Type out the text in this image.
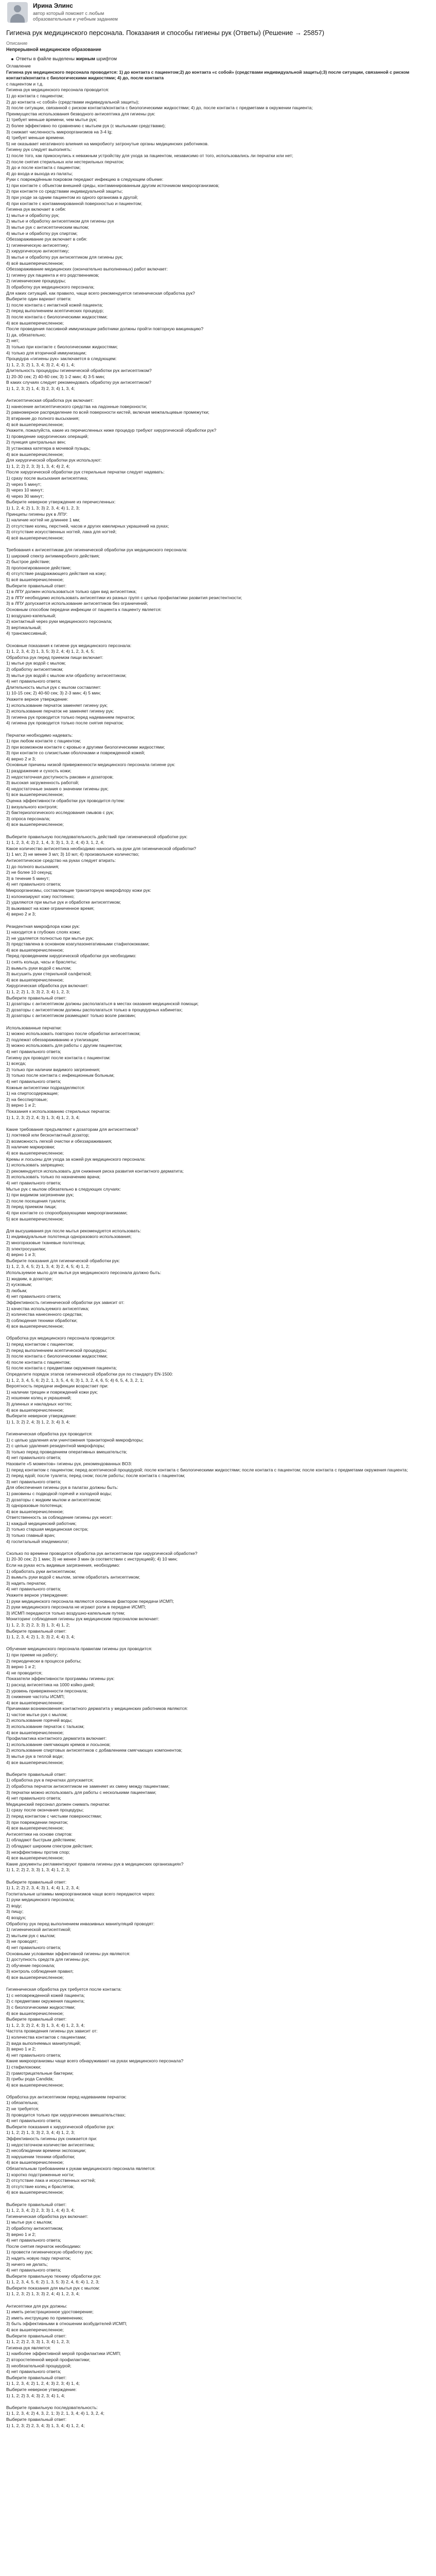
Ирина Элинс
автор который поможет с любым образовательным и учебным заданием
Гигиена рук медицинского персонала. Показания и способы гигиены рук (Ответы) (Решение → 25857)
Описание
Непрерывной медицинское образование
Ответы в файле выделены жирным шрифтом

Оглавление

Гигиена рук медицинского персонала проводится: 1) до контакта с пациентом;2) до контакта «с собой» (средствами индивидуальной защиты);3) после ситуации, связанной с риском контакта/контакта с биологическими жидкостями; 4) до, после контакта

с пациентом и т.д.

Гигиена рук медицинского персонала проводится:

1) до контакта с пациентом;

2) до контакта «с собой» (средствами индивидуальной защиты);

3) после ситуации, связанной с риском контакта/контакта с биологическими жидкостями; 4) до, после контакта с предметами в окружении пациента;

Преимущества использования безводного антисептика для гигиены рук:

1) требует меньше времени, чем мытье рук;

2) более эффективно по сравнению с мытьем рук (с мыльными средствами);

3) снижает численность микроорганизмов на 3-4 lg;

4) требует меньше времени.

5) не оказывает негативного влияния на микробиоту затронутые органы медицинских работников.

Гигиену рук следует выполнять:

1) после того, как прикоснулись к неважным устройству для ухода за пациентом, независимо от того, использовались ли перчатки или нет;

2) после снятия стерильных или нестерильных перчаток;

3) до и после контакта с пациентом;

4) до входа и выхода из палаты;

Руки с повреждённым покровом передают инфекцию в следующем объеме:

1) при контакте с объектом внешней среды, контаминированным другим источником микроорганизмов;

2) при контакте со средствами индивидуальной защиты;

3) при уходе за одним пациентом из одного организма в другой;

4) при контакте с контаминированной поверхностью и пациентом;

Гигиена рук включает в себя:

1) мытье и обработку рук;

2) мытье и обработку антисептиком для гигиены рук

3) мытье рук с антисептическим мылом;

4) мытье и обработку рук спиртом;

Обеззараживание рук включает в себя:

1) гигиеническую антисептику;

2) хирургическую антисептику;

3) мытье и обработку рук антисептиком для гигиены рук;

4) всё вышеперечисленное;

Обеззараживание медицинских (окончательно выполненных) работ включает:

1) гигиену рук пациента и его родственников;

2) гигиенические процедуры;

3) обработку рук медицинского персонала;

Для каких ситуаций, как правило, чаще всего рекомендуется гигиеническая обработка рук?

Выберите один вариант ответа:

1) после контакта с интактной кожей пациента;

2) перед выполнением асептических процедур;

3) после контакта с биологическими жидкостями;

4) все вышеперечисленное;

После проведения пассивной иммунизации работники должны пройти повторную вакцинацию?

1) да, обязательно;

2) нет;

3) только при контакте с биологическими жидкостями;

4) только для вторичной иммунизации;

Процедура «гигиены рук» заключается в следующем:

1) 1, 2, 3; 2) 1, 3, 4; 3) 2, 4; 4) 1, 4;

Длительность процедуры гигиенической обработки рук антисептиком?

1) 20-30 сек; 2) 40-60 сек; 3) 1-2 мин; 4) 3-5 мин;

В каких случаях следует рекомендовать обработку рук антисептиком?

1) 1, 2, 3; 2) 1, 4; 3) 2, 3; 4) 1, 3, 4;

Антисептическая обработка рук включает:

1) нанесение антисептического средства на ладонные поверхности;

2) равномерное распределение по всей поверхности кистей, включая межпальцевые промежутки;

3) втирание до полного высыхания;

4) всё вышеперечисленное;

Укажите, пожалуйста, какие из перечисленных ниже процедур требуют хирургической обработки рук?

1) проведение хирургических операций;

2) пункция центральных вен;

3) установка катетера в мочевой пузырь;

4) все вышеперечисленное;

Для хирургической обработки рук используют:

1) 1, 2; 2) 2, 3; 3) 1, 3, 4; 4) 2, 4;

После хирургической обработки рук стерильные перчатки следует надевать:

1) сразу после высыхания антисептика;

2) через 5 минут;

3) через 10 минут;

4) через 30 минут;

Выберите неверное утверждение из перечисленных:

1) 1, 2, 4; 2) 1, 3; 3) 2, 3, 4; 4) 1, 2, 3;

Принципы гигиены рук в ЛПУ:

1) наличие ногтей не длиннее 1 мм;

2) отсутствие колец, перстней, часов и других ювелирных украшений на руках;

3) отсутствие искусственных ногтей, лака для ногтей;

4) всё вышеперечисленное;

Требования к антисептикам для гигиенической обработки рук медицинского персонала:

1) широкий спектр антимикробного действия;

2) быстрое действие;

3) пролонгированное действие;

4) отсутствие раздражающего действия на кожу;

5) всё вышеперечисленное;

Выберите правильный ответ:

1) в ЛПУ должен использоваться только один вид антисептика;

2) в ЛПУ необходимо использовать антисептики из разных групп с целью профилактики развития резистентности;

3) в ЛПУ допускается использование антисептиков без ограничений;

Основным способом передачи инфекции от пациента к пациенту является:

1) воздушно-капельный;

2) контактный через руки медицинского персонала;

3) вертикальный;

4) трансмиссивный;

Основные показания к гигиене рук медицинского персонала:

1) 1, 2, 3, 4; 2) 1, 3, 5; 3) 2, 4; 4) 1, 2, 3, 4, 5;

Обработка рук перед приемом пищи включает:

1) мытье рук водой с мылом;

2) обработку антисептиком;

3) мытье рук водой с мылом или обработку антисептиком;

4) нет правильного ответа;

Длительность мытья рук с мылом составляет:

1) 10-15 сек; 2) 40-60 сек; 3) 2-3 мин; 4) 5 мин;

Укажите верное утверждение:

1) использование перчаток заменяет гигиену рук;

2) использование перчаток не заменяет гигиену рук;

3) гигиена рук проводится только перед надеванием перчаток;

4) гигиена рук проводится только после снятия перчаток;

Перчатки необходимо надевать:

1) при любом контакте с пациентом;

2) при возможном контакте с кровью и другими биологическими жидкостями;

3) при контакте со слизистыми оболочками и поврежденной кожей;

4) верно 2 и 3;

Основные причины низкой приверженности медицинского персонала гигиене рук:

1) раздражение и сухость кожи;

2) недостаточная доступность раковин и дозаторов;

3) высокая загруженность работой;

4) недостаточные знания о значении гигиены рук;

5) все вышеперечисленное;

Оценка эффективности обработки рук проводится путем:

1) визуального контроля;

2) бактериологического исследования смывов с рук;

3) опроса персонала;

4) все вышеперечисленное;

Выберите правильную последовательность действий при гигиенической обработке рук:

1) 1, 2, 3, 4; 2) 2, 1, 4, 3; 3) 1, 3, 2, 4; 4) 3, 1, 2, 4;

Какое количество антисептика необходимо наносить на руки для гигиенической обработки?

1) 1 мл; 2) не менее 3 мл; 3) 10 мл; 4) произвольное количество;

Антисептическое средство на руках следует втирать:

1) до полного высыхания;

2) не более 10 секунд;

3) в течение 5 минут;

4) нет правильного ответа;

Микроорганизмы, составляющие транзиторную микрофлору кожи рук:

1) колонизируют кожу постоянно;

2) удаляются при мытье рук и обработке антисептиком;

3) выживают на коже ограниченное время;

4) верно 2 и 3;

Резидентная микрофлора кожи рук:

1) находится в глубоких слоях кожи;

2) не удаляется полностью при мытье рук;

3) представлена в основном коагулазонегативными стафилококками;

4) все вышеперечисленное;

Перед проведением хирургической обработки рук необходимо:

1) снять кольца, часы и браслеты;

2) вымыть руки водой с мылом;

3) высушить руки стерильной салфеткой;

4) все вышеперечисленное;

Хирургическая обработка рук включает:

1) 1, 2; 2) 1, 3; 3) 2, 3; 4) 1, 2, 3;

Выберите правильный ответ:

1) дозаторы с антисептиком должны располагаться в местах оказания медицинской помощи;

2) дозаторы с антисептиком должны располагаться только в процедурных кабинетах;

3) дозаторы с антисептиком размещают только возле раковин;

Использованные перчатки:

1) можно использовать повторно после обработки антисептиком;

2) подлежат обеззараживанию и утилизации;

3) можно использовать для работы с другим пациентом;

4) нет правильного ответа;

Гигиену рук проводят после контакта с пациентом:

1) всегда;

2) только при наличии видимого загрязнения;

3) только после контакта с инфекционным больным;

4) нет правильного ответа;

Кожные антисептики подразделяются:

1) на спиртосодержащие;

2) на бесспиртовые;

3) верно 1 и 2;

Показания к использованию стерильных перчаток:

1) 1, 2, 3; 2) 2, 4; 3) 1, 3; 4) 1, 2, 3, 4;

Какие требования предъявляют к дозаторам для антисептиков?

1) локтевой или бесконтактный дозатор;

2) возможность легкой очистки и обеззараживания;

3) наличие маркировки;

4) все вышеперечисленное;

Кремы и лосьоны для ухода за кожей рук медицинского персонала:

1) использовать запрещено;

2) рекомендуется использовать для снижения риска развития контактного дерматита;

3) использовать только по назначению врача;

4) нет правильного ответа;

Мытье рук с мылом обязательно в следующих случаях:

1) при видимом загрязнении рук;

2) после посещения туалета;

3) перед приемом пищи;

4) при контакте со спорообразующими микроорганизмами;

5) все вышеперечисленное;

Для высушивания рук после мытья рекомендуется использовать:

1) индивидуальные полотенца одноразового использования;

2) многоразовые тканевые полотенца;

3) электросушилки;

4) верно 1 и 3;

Выберите показания для гигиенической обработки рук:

1) 1, 2, 3, 4, 5; 2) 1, 3, 4; 3) 2, 4, 5; 4) 1, 2;

Используемое мыло для мытья рук медицинского персонала должно быть:

1) жидким, в дозаторе;

2) кусковым;

3) любым;

4) нет правильного ответа;

Эффективность гигиенической обработки рук зависит от:

1) качества используемого антисептика;

2) количества нанесенного средства;

3) соблюдения техники обработки;

4) все вышеперечисленное;

Обработка рук медицинского персонала проводится:

1) перед контактом с пациентом;

2) перед выполнением асептической процедуры;

3) после контакта с биологическими жидкостями;

4) после контакта с пациентом;

5) после контакта с предметами окружения пациента;

Определите порядок этапов гигиенической обработки рук по стандарту EN-1500:

1) 1, 2, 3, 4, 5, 6; 2) 2, 1, 3, 5, 4, 6; 3) 1, 3, 2, 4, 6, 5; 4) 6, 5, 4, 3, 2, 1;

Вероятность передачи инфекции возрастает при:

1) наличии трещин и повреждений кожи рук;

2) ношении колец и украшений;

3) длинных и накладных ногтях;

4) все вышеперечисленное;

Выберите неверное утверждение:

1) 1, 3; 2) 2, 4; 3) 1, 2, 3; 4) 3, 4;

Гигиеническая обработка рук проводится:

1) с целью удаления или уничтожения транзиторной микрофлоры;

2) с целью удаления резидентной микрофлоры;

3) только перед проведением оперативных вмешательств;

4) нет правильного ответа;

Назовите «5 моментов» гигиены рук, рекомендованных ВОЗ:

1) перед контактом с пациентом; перед асептической процедурой; после контакта с биологическими жидкостями; после контакта с пациентом; после контакта с предметами окружения пациента;

2) перед едой; после туалета; перед сном; после работы; после контакта с пациентом;

3) нет правильного ответа;

Для обеспечения гигиены рук в палатах должны быть:

1) раковины с подводкой горячей и холодной воды;

2) дозаторы с жидким мылом и антисептиком;

3) одноразовые полотенца;

4) все вышеперечисленное;

Ответственность за соблюдение гигиены рук несет:

1) каждый медицинский работник;

2) только старшая медицинская сестра;

3) только главный врач;

4) госпитальный эпидемиолог;

Сколько по времени проводится обработка рук антисептиком при хирургической обработке?

1) 20-30 сек; 2) 1 мин; 3) не менее 3 мин (в соответствии с инструкцией); 4) 10 мин;

Если на руках есть видимые загрязнения, необходимо:

1) обработать руки антисептиком;

2) вымыть руки водой с мылом, затем обработать антисептиком;

3) надеть перчатки;

4) нет правильного ответа;

Укажите верное утверждение:

1) руки медицинского персонала являются основным фактором передачи ИСМП;

2) руки медицинского персонала не играют роли в передаче ИСМП;

3) ИСМП передаются только воздушно-капельным путем;

Мониторинг соблюдения гигиены рук медицинским персоналом включает:

1) 1, 2, 3; 2) 2, 3; 3) 1, 3; 4) 1, 2;

Выберите правильный ответ:

1) 1, 2, 3, 4; 2) 1, 3; 3) 2, 4; 4) 3, 4;

Обучение медицинского персонала правилам гигиены рук проводится:

1) при приеме на работу;

2) периодически в процессе работы;

3) верно 1 и 2;

4) не проводится;

Показатели эффективности программы гигиены рук:

1) расход антисептика на 1000 койко-дней;

2) уровень приверженности персонала;

3) снижение частоты ИСМП;

4) все вышеперечисленное;

Причинами возникновения контактного дерматита у медицинских работников являются:

1) частое мытье рук с мылом;

2) использование горячей воды;

3) использование перчаток с тальком;

4) все вышеперечисленное;

Профилактика контактного дерматита включает:

1) использование смягчающих кремов и лосьонов;

2) использование спиртовых антисептиков с добавлением смягчающих компонентов;

3) мытье рук в теплой воде;

4) все вышеперечисленное;

Выберите правильный ответ:

1) обработка рук в перчатках допускается;

2) обработка перчаток антисептиком не заменяет их смену между пациентами;

3) перчатки можно использовать для работы с несколькими пациентами;

4) нет правильного ответа;

Медицинский персонал должен снимать перчатки:

1) сразу после окончания процедуры;

2) перед контактом с чистыми поверхностями;

3) при повреждении перчаток;

4) все вышеперечисленное;

Антисептики на основе спиртов:

1) обладают быстрым действием;

2) обладают широким спектром действия;

3) неэффективны против спор;

4) все вышеперечисленное;

Какие документы регламентируют правила гигиены рук в медицинских организациях?

1) 1, 2; 2) 2, 3; 3) 1, 3; 4) 1, 2, 3;

Выберите правильный ответ:

1) 1, 2; 2) 2, 3, 4; 3) 1, 4; 4) 1, 2, 3, 4;

Госпитальные штаммы микроорганизмов чаще всего передаются через:

1) руки медицинского персонала;

2) воду;

3) пищу;

4) воздух;

Обработку рук перед выполнением инвазивных манипуляций проводят:

1) гигиенической антисептикой;

2) мытьем рук с мылом;

3) не проводят;

4) нет правильного ответа;

Основными условиями эффективной гигиены рук являются:

1) доступность средств для гигиены рук;

2) обучение персонала;

3) контроль соблюдения правил;

4) все вышеперечисленное;

Гигиеническая обработка рук требуется после контакта:

1) с неповрежденной кожей пациента;

2) с предметами окружения пациента;

3) с биологическими жидкостями;

4) все вышеперечисленное;

Выберите правильный ответ:

1) 1, 2, 3; 2) 2, 4; 3) 1, 3, 4; 4) 1, 2, 3, 4;

Частота проведения гигиены рук зависит от:

1) количества контактов с пациентами;

2) вида выполняемых манипуляций;

3) верно 1 и 2;

4) нет правильного ответа;

Какие микроорганизмы чаще всего обнаруживают на руках медицинского персонала?

1) стафилококки;

2) грамотрицательные бактерии;

3) грибы рода Candida;

4) все вышеперечисленное;

Обработка рук антисептиком перед надеванием перчаток:

1) обязательна;

2) не требуется;

3) проводится только при хирургических вмешательствах;

4) нет правильного ответа;

Выберите показания к хирургической обработке рук:

1) 1, 2; 2) 1, 3; 3) 2, 3, 4; 4) 1, 2, 3;

Эффективность гигиены рук снижается при:

1) недостаточном количестве антисептика;

2) несоблюдении времени экспозиции;

3) нарушении техники обработки;

4) все вышеперечисленное;

Обязательным требованием к рукам медицинского персонала является:

1) коротко подстриженные ногти;

2) отсутствие лака и искусственных ногтей;

3) отсутствие колец и браслетов;

4) все вышеперечисленное;

Выберите правильный ответ:

1) 1, 2, 3, 4; 2) 2, 3; 3) 1, 4; 4) 3, 4;

Гигиеническая обработка рук включает:

1) мытье рук с мылом;

2) обработку антисептиком;

3) верно 1 и 2;

4) нет правильного ответа;

После снятия перчаток необходимо:

1) провести гигиеническую обработку рук;

2) надеть новую пару перчаток;

3) ничего не делать;

4) нет правильного ответа;

Выберите правильную технику обработки рук:

1) 1, 2, 3, 4, 5, 6; 2) 1, 3, 5; 3) 2, 4, 6; 4) 1, 2, 3;

Выберите показания для мытья рук с мылом:

1) 1, 2, 3; 2) 1, 3; 3) 2, 4; 4) 1, 2, 3, 4;

Антисептики для рук должны:

1) иметь регистрационное удостоверение;

2) иметь инструкцию по применению;

3) быть эффективными в отношении возбудителей ИСМП;

4) все вышеперечисленное;

Выберите правильный ответ:

1) 1, 2; 2) 2, 3; 3) 1, 3; 4) 1, 2, 3;

Гигиена рук является:

1) наиболее эффективной мерой профилактики ИСМП;

2) второстепенной мерой профилактики;

3) необязательной процедурой;

4) нет правильного ответа;

Выберите правильный ответ:

1) 1, 2, 3, 4; 2) 1, 2, 4; 3) 2, 3; 4) 1, 4;

Выберите неверное утверждение:

1) 1, 2; 2) 3, 4; 3) 2, 3; 4) 1, 4;

Выберите правильную последовательность:

1) 1, 2, 3, 4; 2) 4, 3, 2, 1; 3) 2, 1, 3, 4; 4) 1, 3, 2, 4;

Выберите правильный ответ:

1) 1, 2, 3; 2) 2, 3, 4; 3) 1, 3, 4; 4) 1, 2, 4;
